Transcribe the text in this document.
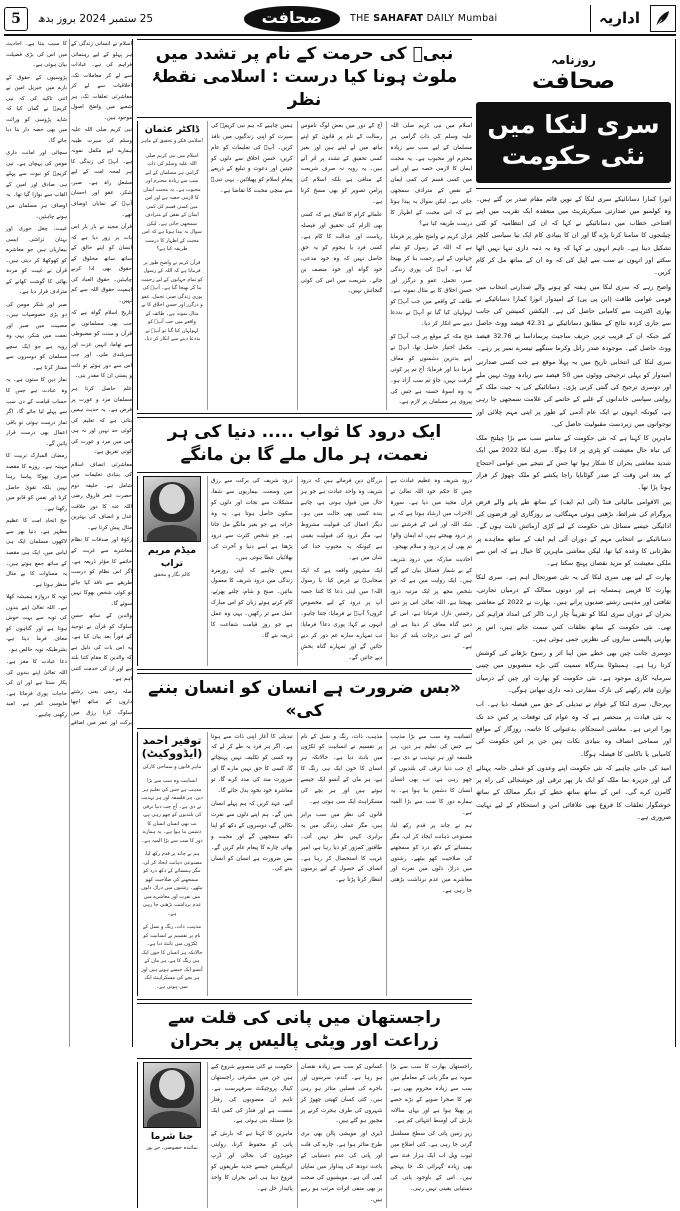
اداریہ
THE SAHAFAT DAILY Mumbai
صحافت
25 ستمبر 2024 بروز بدھ
5
روزنامہ
صحافت
سری لنکا میں نئی حکومت

انورا کمارا دسانائیکے سری لنکا کے نویں قائم مقام صدر بن گئے ہیں۔ وہ کولمبو میں صدارتی سیکریٹریٹ میں منعقدہ ایک تقریب میں اپنے افتتاحی خطاب میں دسانائیکے نے کہا کہ ان کی انتظامیہ کو کئی چیلنجوں کا سامنا کرنا پڑے گا اور ان کا بنیادی کام ایک نیا سیاسی کلچر تشکیل دینا ہے۔ تاہم انہوں نے کہا کہ وہ یہ ذمہ داری تنہا نہیں اٹھا سکتے اور انہوں نے سب سے اپیل کی کہ وہ ان کے ساتھ مل کر کام کریں۔

واضح رہے کہ سری لنکا میں ہفتہ کو ہونے والے صدارتی انتخاب میں قومی عوامی طاقت (این پی پی) کے امیدوار انورا کمارا دسانائیکے نے بھاری اکثریت سے کامیابی حاصل کی ہے۔ الیکشن کمیشن کی جانب سے جاری کردہ نتائج کے مطابق دسانائیکے نے 42.31 فیصد ووٹ حاصل کیے جبکہ ان کے قریب ترین حریف ساجیت پریماداسا نے 32.76 فیصد ووٹ حاصل کیے۔ موجودہ صدر رانل وکرما سنگھے تیسرے نمبر پر رہے۔

سری لنکا کی انتخابی تاریخ میں یہ پہلا موقع ہے جب کسی صدارتی امیدوار کو پہلی ترجیحی ووٹوں میں 50 فیصد سے زیادہ ووٹ نہیں ملے اور دوسری ترجیح کی گنتی کرنی پڑی۔ دسانائیکے کی یہ جیت ملک کے روایتی سیاسی خاندانوں کے غلبے کے خاتمے کی علامت سمجھی جا رہی ہے، کیونکہ انہوں نے ایک عام آدمی کے طور پر اپنی مہم چلائی اور نوجوانوں میں زبردست مقبولیت حاصل کی۔

ماہرین کا کہنا ہے کہ نئی حکومت کے سامنے سب سے بڑا چیلنج ملک کی تباہ حال معیشت کو پٹری پر لانا ہوگا۔ سری لنکا 2022 میں ایک شدید معاشی بحران کا شکار ہوا تھا جس کے نتیجے میں عوامی احتجاج کے بعد اس وقت کے صدر گوٹابایا راجا پکشے کو ملک چھوڑ کر فرار ہونا پڑا تھا۔

بین الاقوامی مالیاتی فنڈ (آئی ایم ایف) کے ساتھ طے پانے والے قرض پروگرام کی شرائط، بڑھتی ہوئی مہنگائی، بے روزگاری اور قرضوں کی ادائیگی جیسے مسائل نئی حکومت کے لیے کڑی آزمائش ثابت ہوں گے۔ دسانائیکے نے انتخابی مہم کے دوران آئی ایم ایف کے ساتھ معاہدے پر نظرثانی کا وعدہ کیا تھا، لیکن معاشی ماہرین کا خیال ہے کہ اس سے ملکی معیشت کو مزید نقصان پہنچ سکتا ہے۔

بھارت کے لیے بھی سری لنکا کی یہ نئی صورتحال اہم ہے۔ سری لنکا بھارت کا قریبی ہمسایہ ہے اور دونوں ممالک کے درمیان تجارتی، ثقافتی اور مذہبی رشتے صدیوں پرانے ہیں۔ بھارت نے 2022 کے معاشی بحران کے دوران سری لنکا کو تقریباً چار ارب ڈالر کی امداد فراہم کی تھی۔ نئی حکومت کے ساتھ تعلقات کس سمت جاتے ہیں، اس پر بھارتی پالیسی سازوں کی نظریں جمی ہوئی ہیں۔

دوسری جانب چین بھی خطے میں اپنا اثر و رسوخ بڑھانے کی کوشش کرتا رہا ہے۔ ہمبنٹوٹا بندرگاہ سمیت کئی بڑے منصوبوں میں چینی سرمایہ کاری موجود ہے۔ نئی حکومت کو بھارت اور چین کے درمیان توازن قائم رکھنے کی نازک سفارتی ذمہ داری نبھانی ہوگی۔

بہرحال، سری لنکا کے عوام نے تبدیلی کے حق میں فیصلہ دیا ہے۔ اب یہ نئی قیادت پر منحصر ہے کہ وہ عوام کی توقعات پر کس حد تک پورا اترتی ہے۔ معاشی استحکام، بدعنوانی کا خاتمہ، روزگار کے مواقع اور سماجی انصاف وہ بنیادی نکات ہیں جن پر اس حکومت کی کامیابی یا ناکامی کا فیصلہ ہوگا۔

امید کی جانی چاہیے کہ نئی حکومت اپنے وعدوں کو عملی جامہ پہنائے گی اور جزیرہ نما ملک کو ایک بار پھر ترقی اور خوشحالی کی راہ پر گامزن کرے گی۔ اس کے ساتھ ساتھ خطے کے دیگر ممالک کے ساتھ خوشگوار تعلقات کا فروغ بھی علاقائی امن و استحکام کے لیے نہایت ضروری ہے۔

نبیؐ کی حرمت کے نام پر تشدد میں ملوث ہونا کیا درست : اسلامی نقطۂ نظر

اسلام میں نبی کریم صلی اللہ علیہ وسلم کی ذاتِ گرامی ہر مسلمان کے لیے سب سے زیادہ محترم اور محبوب ہے۔ یہ محبت ایمان کا لازمی حصہ ہے اور اس میں کسی قسم کی کمی ایمان کے نقص کے مترادف سمجھی جاتی ہے۔ لیکن سوال یہ پیدا ہوتا ہے کہ اس محبت کے اظہار کا درست طریقہ کیا ہے؟

قرآن کریم نے واضح طور پر فرمایا ہے کہ اللہ کے رسول کو تمام جہانوں کے لیے رحمت بنا کر بھیجا گیا ہے۔ آپؐ کی پوری زندگی صبر، تحمل، عفو و درگزر اور حسنِ اخلاق کا بے مثال نمونہ ہے۔ طائف کے واقعے میں جب آپؐ کو لہولہان کیا گیا تو آپؐ نے بددعا دینے سے انکار کر دیا۔

فتح مکہ کے موقع پر جب آپؐ کو مکمل اختیار حاصل تھا، آپؐ نے اپنے بدترین دشمنوں کو معاف فرما دیا اور فرمایا: آج تم پر کوئی گرفت نہیں، جاؤ تم سب آزاد ہو۔ یہ وہ اسوۂ حسنہ ہے جس کی پیروی ہر مسلمان پر لازم ہے۔

آج کے دور میں بعض لوگ ناموسِ رسالت کے نام پر قانون کو اپنے ہاتھ میں لے لیتے ہیں اور بغیر کسی تحقیق کے تشدد پر اتر آتے ہیں۔ یہ رویہ نہ صرف شریعت کے منافی ہے بلکہ اسلام کی پرامن تصویر کو بھی مسخ کرتا ہے۔

علمائے کرام کا اتفاق ہے کہ کسی بھی الزام کی تحقیق اور فیصلہ ریاست اور عدالت کا کام ہے۔ کسی فرد یا ہجوم کو یہ حق حاصل نہیں کہ وہ خود مدعی، خود گواہ اور خود منصف بن جائے۔ شریعت میں اس کی کوئی گنجائش نہیں۔

ہمیں چاہیے کہ ہم نبی کریمؐ کی سیرت کو اپنی زندگیوں میں نافذ کریں۔ آپؐ کی تعلیمات کو عام کریں، حسنِ اخلاق سے دلوں کو جیتیں اور دعوت و تبلیغ کے ذریعے پیغامِ اسلام کو پھیلائیں۔ یہی نبیؐ سے سچی محبت کا تقاضا ہے۔

ڈاکٹر عثمان
اسلامی فکر و تحقیق کے ماہر

اسلام میں نبی کریم صلی اللہ علیہ وسلم کی ذاتِ گرامی ہر مسلمان کے لیے سب سے زیادہ محترم اور محبوب ہے۔ یہ محبت ایمان کا لازمی حصہ ہے اور اس میں کسی قسم کی کمی ایمان کے نقص کے مترادف سمجھی جاتی ہے۔ لیکن سوال یہ پیدا ہوتا ہے کہ اس محبت کے اظہار کا درست طریقہ کیا ہے؟

قرآن کریم نے واضح طور پر فرمایا ہے کہ اللہ کے رسول کو تمام جہانوں کے لیے رحمت بنا کر بھیجا گیا ہے۔ آپؐ کی پوری زندگی صبر، تحمل، عفو و درگزر اور حسنِ اخلاق کا بے مثال نمونہ ہے۔ طائف کے واقعے میں جب آپؐ کو لہولہان کیا گیا تو آپؐ نے بددعا دینے سے انکار کر دیا۔

ایک درود کا ثواب ..... دنیا کی ہر نعمت، ہر مال ملے گا بن مانگے

درود شریف وہ عظیم عبادت ہے جس کا حکم خود اللہ تعالیٰ نے قرآن مجید میں دیا ہے۔ سورۃ الاحزاب میں ارشاد ہوتا ہے کہ بے شک اللہ اور اس کے فرشتے نبی پر درود بھیجتے ہیں، اے ایمان والو! تم بھی ان پر درود و سلام بھیجو۔

احادیث مبارکہ میں درود شریف کے بے شمار فضائل بیان کیے گئے ہیں۔ ایک روایت میں ہے کہ جو شخص مجھ پر ایک مرتبہ درود بھیجتا ہے، اللہ تعالیٰ اس پر دس رحمتیں نازل فرماتا ہے، اس کے دس گناہ معاف کر دیتا ہے اور اس کے دس درجات بلند کر دیتا ہے۔

بزرگانِ دین فرماتے ہیں کہ درود شریف وہ واحد عبادت ہے جو ہر حال میں قبول ہوتی ہے، چاہے بندہ کسی بھی حالت میں ہو۔ دیگر اعمال کی قبولیت مشروط ہے، مگر درود کی قبولیت یقینی ہے کیونکہ یہ محبوبِ خدا کی شان میں ہے۔

ایک مشہور واقعہ ہے کہ ایک صحابیؓ نے عرض کیا: یا رسول اللہ! میں اپنی دعا کا کتنا حصہ آپ پر درود کے لیے مخصوص کروں؟ آپؐ نے فرمایا: جتنا چاہو۔ انہوں نے کہا: پوری دعا؟ فرمایا: تب تمہارے سارے غم دور کر دیے جائیں گے اور تمہارے گناہ بخش دیے جائیں گے۔

درود شریف کی برکت سے رزق میں وسعت، بیماریوں سے شفا، مشکلات سے نجات اور دلوں کو سکون حاصل ہوتا ہے۔ یہ وہ خزانہ ہے جو بغیر مانگے مل جاتا ہے۔ جو شخص کثرت سے درود پڑھتا ہے اسے دنیا و آخرت کی بھلائیاں عطا ہوتی ہیں۔

ہمیں چاہیے کہ اپنی روزمرہ زندگی میں درود شریف کا معمول بنائیں۔ صبح و شام، چلتے پھرتے، کام کرتے ہوئے زبان کو اس مبارک عمل سے تر رکھیں۔ یہی وہ عمل ہے جو روزِ قیامت شفاعت کا ذریعہ بنے گا۔

میڈم مریم تراب
کالم نگار و محقق
«بس ضرورت ہے انسان کو انسان بننے کی»

انسانیت وہ سب سے بڑا مذہب ہے جس کی تعلیم ہر دین، ہر فلسفہ اور ہر تہذیب نے دی ہے۔ آج جب دنیا ترقی کی بلندیوں کو چھو رہی ہے، تب بھی انسان انسان کا دشمن بنا ہوا ہے۔ یہ ہمارے دور کا سب سے بڑا المیہ ہے۔

ہم نے چاند پر قدم رکھ لیا، مصنوعی ذہانت ایجاد کر لی، مگر ہمسائے کے دکھ درد کو سمجھنے کی صلاحیت کھو بیٹھے۔ رشتوں میں دراڑ، دلوں میں نفرت اور معاشرے میں عدم برداشت بڑھتی جا رہی ہے۔

مذہب، ذات، رنگ و نسل کے نام پر تقسیم نے انسانیت کو ٹکڑوں میں بانٹ دیا ہے۔ حالانکہ ہر انسان کا خون ایک ہی رنگ کا ہے، ہر ماں کے آنسو ایک جیسے ہوتے ہیں اور ہر بچے کی مسکراہٹ ایک سی ہوتی ہے۔

قانون کی نظر میں سب برابر ہیں، مگر عملی زندگی میں یہ برابری کہیں نظر نہیں آتی۔ طاقتور کمزور کو دبا رہا ہے، امیر غریب کا استحصال کر رہا ہے۔ انصاف کے حصول کے لیے برسوں انتظار کرنا پڑتا ہے۔

تبدیلی کا آغاز اپنی ذات سے ہوتا ہے۔ اگر ہر فرد یہ طے کر لے کہ وہ کسی کو تکلیف نہیں پہنچائے گا، کسی کا حق نہیں مارے گا اور ضرورت مند کی مدد کرے گا، تو معاشرہ خود بخود بدل جائے گا۔

آئیے، عہد کریں کہ ہم پہلے انسان بنیں گے۔ ہم اپنے دلوں سے نفرت نکالیں گے، دوسروں کے دکھ کو اپنا دکھ سمجھیں گے اور محبت و بھائی چارے کا پیغام عام کریں گے۔ بس ضرورت ہے انسان کو انسان بننے کی۔

توقیر احمد (ایڈووکیٹ)
ماہرِ قانون و سماجی کارکن

انسانیت وہ سب سے بڑا مذہب ہے جس کی تعلیم ہر دین، ہر فلسفہ اور ہر تہذیب نے دی ہے۔ آج جب دنیا ترقی کی بلندیوں کو چھو رہی ہے، تب بھی انسان انسان کا دشمن بنا ہوا ہے۔ یہ ہمارے دور کا سب سے بڑا المیہ ہے۔

ہم نے چاند پر قدم رکھ لیا، مصنوعی ذہانت ایجاد کر لی، مگر ہمسائے کے دکھ درد کو سمجھنے کی صلاحیت کھو بیٹھے۔ رشتوں میں دراڑ، دلوں میں نفرت اور معاشرے میں عدم برداشت بڑھتی جا رہی ہے۔

مذہب، ذات، رنگ و نسل کے نام پر تقسیم نے انسانیت کو ٹکڑوں میں بانٹ دیا ہے۔ حالانکہ ہر انسان کا خون ایک ہی رنگ کا ہے، ہر ماں کے آنسو ایک جیسے ہوتے ہیں اور ہر بچے کی مسکراہٹ ایک سی ہوتی ہے۔

راجستھان میں پانی کی قلت سے زراعت اور ویٹی پالیس پر بحران

راجستھان بھارت کا سب سے بڑا صوبہ ہے مگر پانی کے معاملے میں سب سے زیادہ محروم بھی ہے۔ تھر کا صحرا صوبے کے بڑے حصے پر پھیلا ہوا ہے اور یہاں سالانہ بارش کی اوسط انتہائی کم ہے۔

زیرِ زمین پانی کی سطح مسلسل گرتی جا رہی ہے۔ کئی اضلاع میں ٹیوب ویل اب ایک ہزار فٹ سے بھی زیادہ گہرائی تک جا پہنچے ہیں۔ اس کے باوجود پانی کی دستیابی یقینی نہیں رہی۔

کسانوں کو سب سے زیادہ نقصان ہو رہا ہے۔ گندم، سرسوں اور باجرے کی فصلیں متاثر ہو رہی ہیں۔ کئی کسان کھیتی چھوڑ کر شہروں کی طرف ہجرت کرنے پر مجبور ہو گئے ہیں۔

ڈیری اور مویشی پالن بھی بری طرح متاثر ہوا ہے۔ چارے کی قلت اور پانی کی عدم دستیابی کے باعث دودھ کی پیداوار میں نمایاں کمی آئی ہے۔ مویشیوں کی صحت پر بھی منفی اثرات مرتب ہو رہے ہیں۔

حکومت نے کئی منصوبے شروع کیے ہیں جن میں مشرقی راجستھان کینال پروجیکٹ سرفہرست ہے۔ تاہم ان منصوبوں کی رفتار سست ہے اور فنڈز کی کمی ایک بڑا مسئلہ بنی ہوئی ہے۔

ماہرین کا کہنا ہے کہ بارش کے پانی کو محفوظ کرنا، روایتی جوہڑوں کی بحالی اور ڈرپ ایریگیشن جیسے جدید طریقوں کو فروغ دینا ہی اس بحران کا واحد پائیدار حل ہے۔

جنا شرما
نمائندہ خصوصی، جے پور

اسلام نے انسانی زندگی کے ہر پہلو کے لیے رہنمائی فراہم کی ہے۔ عبادات سے لے کر معاملات تک، اخلاقیات سے لے کر معاشرتی تعلقات تک، ہر شعبے میں واضح اصول موجود ہیں۔

نبی کریم صلی اللہ علیہ وسلم کی سیرت طیبہ ہمارے لیے مکمل نمونہ ہے۔ آپؐ کی زندگی کا ہر لمحہ امت کے لیے مشعلِ راہ ہے۔ صبر، شکر، عفو اور احسان آپؐ کے نمایاں اوصاف تھے۔

قرآن مجید نے بار بار اس بات پر زور دیا ہے کہ انسان کو اپنے خالق کے ساتھ ساتھ مخلوق کے حقوق بھی ادا کرنے چاہئیں۔ حقوق العباد کی اہمیت حقوق اللہ سے کم نہیں۔

تاریخِ اسلام گواہ ہے کہ جب بھی مسلمانوں نے قرآن و سنت کو مضبوطی سے تھاما، انہیں عزت اور سربلندی ملی۔ اور جب اس سے دور ہوئے تو ذلت و پستی ان کا مقدر بنی۔

علم حاصل کرنا ہر مسلمان مرد و عورت پر فرض ہے۔ یہ حدیث ہمیں بتاتی ہے کہ تعلیم کی کوئی حد نہیں اور نہ ہی اس میں مرد و عورت کی کوئی تفریق ہے۔

معاشرتی انصاف اسلام کی بنیادی تعلیمات میں شامل ہے۔ خلیفہ دوم حضرت عمر فاروق رضی اللہ عنہ کا دورِ خلافت عدل و انصاف کی بہترین مثال پیش کرتا ہے۔

زکوٰۃ اور صدقات کا نظام معاشرے سے غربت کے خاتمے کا مؤثر ذریعہ ہے۔ اگر اس نظام کو درست طریقے سے نافذ کیا جائے تو کوئی شخص بھوکا نہیں سوئے گا۔

والدین کے ساتھ حسنِ سلوک کو قرآن نے توحید کے فوراً بعد بیان کیا ہے۔ یہ اس بات کی دلیل ہے کہ والدین کا مقام کتنا بلند ہے اور ان کی خدمت کتنی اہم ہے۔

صلہ رحمی یعنی رشتے داروں کے ساتھ اچھا سلوک کرنا رزق میں برکت اور عمر میں اضافے کا سبب بنتا ہے۔ احادیث میں اس کی بڑی فضیلت بیان ہوئی ہے۔

پڑوسیوں کے حقوق کے بارے میں جبریل امین نے اتنی تاکید کی کہ نبی کریمؐ نے گمان کیا کہ شاید پڑوسی کو وراثت میں بھی حصہ دار بنا دیا جائے گا۔

سچائی اور امانت داری مومن کی پہچان ہے۔ نبی کریمؐ کو نبوت سے پہلے ہی صادق اور امین کے القاب سے نوازا گیا تھا۔ یہ اوصاف ہر مسلمان میں ہونے چاہئیں۔

غیبت، چغل خوری اور بہتان تراشی ایسی بیماریاں ہیں جو معاشرے کو کھوکھلا کر دیتی ہیں۔ قرآن نے غیبت کو مردہ بھائی کا گوشت کھانے کے مترادف قرار دیا ہے۔

صبر اور شکر مومن کی دو بڑی خصوصیات ہیں۔ مصیبت میں صبر اور نعمت میں شکر، یہی وہ رویہ ہے جو ایک سچے مسلمان کو دوسروں سے ممتاز کرتا ہے۔

نماز دین کا ستون ہے۔ یہ وہ عبادت ہے جس کا حساب قیامت کے دن سب سے پہلے لیا جائے گا۔ اگر نماز درست ہوئی تو باقی اعمال بھی درست قرار پائیں گے۔

رمضان المبارک تربیت کا مہینہ ہے۔ روزے کا مقصد صرف بھوکا پیاسا رہنا نہیں بلکہ تقویٰ حاصل کرنا اور نفس کو قابو میں رکھنا ہے۔

حج اتحادِ امت کا عظیم مظہر ہے۔ دنیا بھر سے لاکھوں مسلمان ایک ہی لباس میں، ایک ہی مقصد کے ساتھ جمع ہوتے ہیں۔ یہ مساوات کا بے مثال منظر ہوتا ہے۔

توبہ کا دروازہ ہمیشہ کھلا ہے۔ اللہ تعالیٰ اپنے بندوں کی توبہ سے بہت خوش ہوتا ہے اور گناہوں کو معاف فرما دیتا ہے، بشرطیکہ توبہ خالص ہو۔

دعا عبادت کا مغز ہے۔ اللہ تعالیٰ اپنے بندوں کی پکار سنتا ہے اور ان کی حاجات پوری فرماتا ہے۔ مایوسی کفر ہے، امید رکھنی چاہیے۔
